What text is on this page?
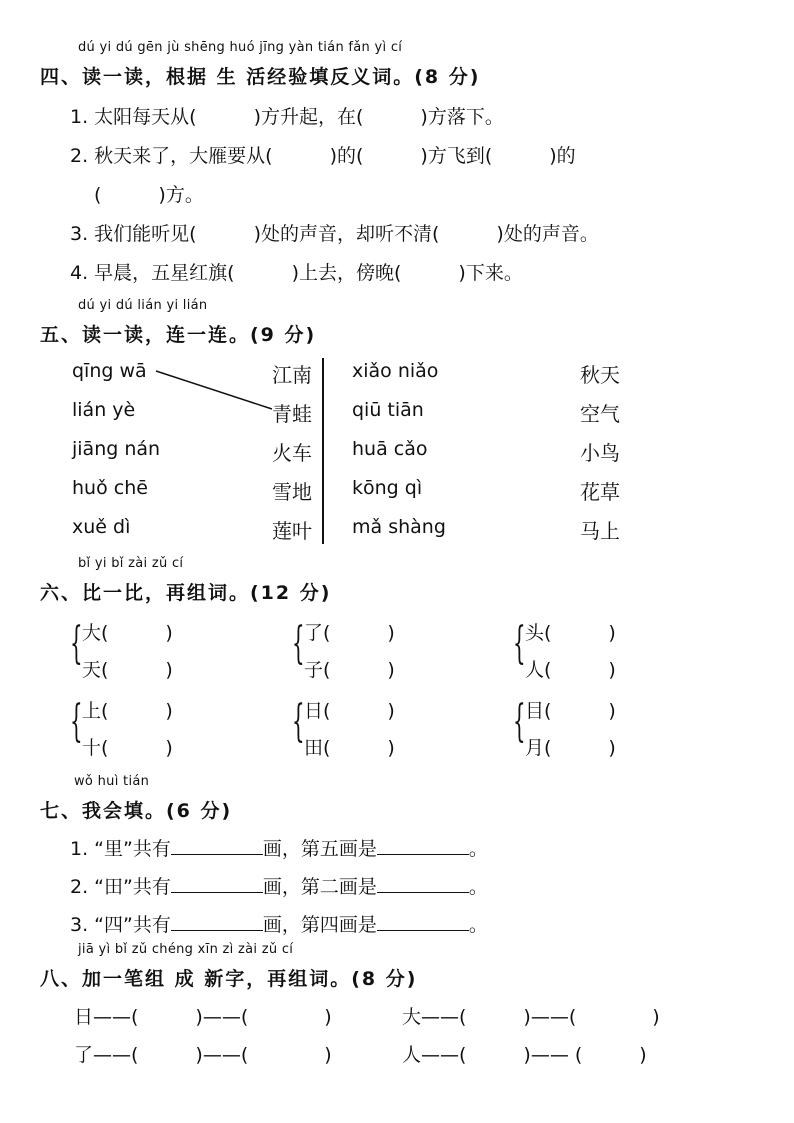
dú yi dú gēn jù shēng huó jīng yàn tián fǎn yì cí
四、读一读，根据 生 活经验填反义词。(8 分)
1. 太阳每天从(　　　)方升起，在(　　　)方落下。
2. 秋天来了，大雁要从(　　　)的(　　　)方飞到(　　　)的
(　　　)方。
3. 我们能听见(　　　)处的声音，却听不清(　　　)处的声音。
4. 早晨，五星红旗(　　　)上去，傍晚(　　　)下来。
dú yi dú lián yi lián
五、读一读，连一连。(9 分)
qīng wā
lián yè
jiāng nán
huǒ chē
xuě dì
江南
青蛙
火车
雪地
莲叶
xiǎo niǎo
qiū tiān
huā cǎo
kōng qì
mǎ shàng
秋天
空气
小鸟
花草
马上
bǐ yi bǐ zài zǔ cí
六、比一比，再组词。(12 分)
{ 大(　　　)
天(　　　)
{ 了(　　　)
子(　　　)
{ 头(　　　)
人(　　　)
{ 上(　　　)
十(　　　)
{ 日(　　　)
田(　　　)
{ 目(　　　)
月(　　　)
wǒ huì tián
七、我会填。(6 分)
1. “里”共有	画，第五画是	。
2. “田”共有	画，第二画是	。
3. “四”共有	画，第四画是	。
jiā yì bǐ zǔ chéng xīn zì zài zǔ cí
八、加一笔组 成 新字，再组词。(8 分)
日——(　　　)——(　　　　)	大——(　　　)——(　　　　)
了——(　　　)——(　　　　)	人——(　　　)—— (　　　)
